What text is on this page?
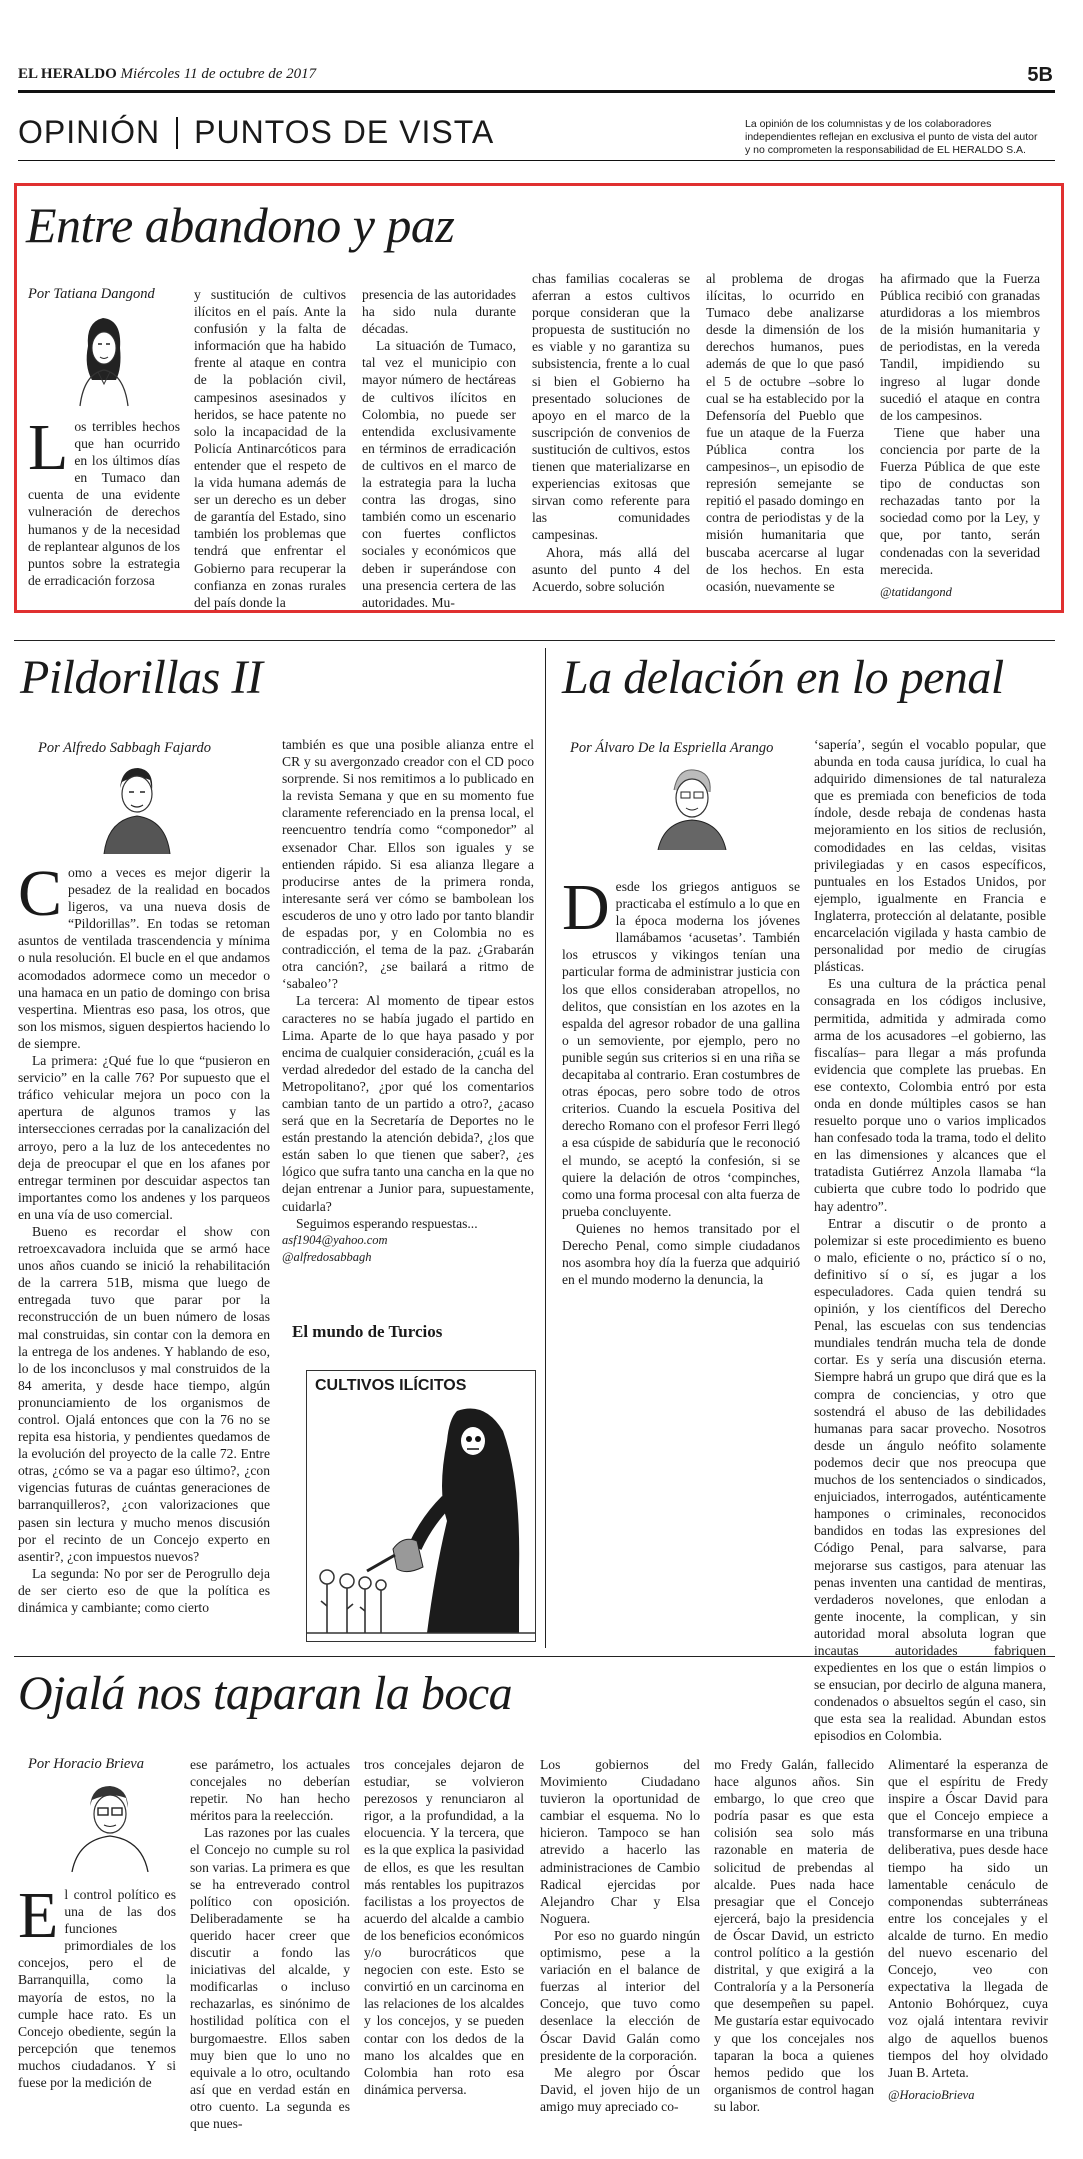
EL HERALDO Miércoles 11 de octubre de 2017	5B
OPINIÓN PUNTOS DE VISTA	La opinión de los columnistas y de los colaboradores independientes reflejan en exclusiva el punto de vista del autor y no comprometen la responsabilidad de EL HERALDO S.A.
Entre abandono y paz
Por Tatiana Dangond

Los terribles hechos que han ocurrido en los últimos días en Tumaco dan cuenta de una evidente vulneración de derechos humanos y de la necesidad de replantear algunos de los puntos sobre la estrategia de erradicación forzosa

y sustitución de cultivos ilícitos en el país. Ante la confusión y la falta de información que ha habido frente al ataque en contra de la población civil, campesinos asesinados y heridos, se hace patente no solo la incapacidad de la Policía Antinarcóticos para entender que el respeto de la vida humana además de ser un derecho es un deber de garantía del Estado, sino también los problemas que tendrá que enfrentar el Gobierno para recuperar la confianza en zonas rurales del país donde la

presencia de las autoridades ha sido nula durante décadas.

La situación de Tumaco, tal vez el municipio con mayor número de hectáreas de cultivos ilícitos en Colombia, no puede ser entendida exclusivamente en términos de erradicación de cultivos en el marco de la estrategia para la lucha contra las drogas, sino también como un escenario con fuertes conflictos sociales y económicos que deben ir superándose con una presencia certera de las autoridades. Mu-

chas familias cocaleras se aferran a estos cultivos porque consideran que la propuesta de sustitución no es viable y no garantiza su subsistencia, frente a lo cual si bien el Gobierno ha presentado soluciones de apoyo en el marco de la suscripción de convenios de sustitución de cultivos, estos tienen que materializarse en experiencias exitosas que sirvan como referente para las comunidades campesinas.

Ahora, más allá del asunto del punto 4 del Acuerdo, sobre solución

al problema de drogas ilícitas, lo ocurrido en Tumaco debe analizarse desde la dimensión de los derechos humanos, pues además de que lo que pasó el 5 de octubre –sobre lo cual se ha establecido por la Defensoría del Pueblo que fue un ataque de la Fuerza Pública contra los campesinos–, un episodio de represión semejante se repitió el pasado domingo en contra de periodistas y de la misión humanitaria que buscaba acercarse al lugar de los hechos. En esta ocasión, nuevamente se

ha afirmado que la Fuerza Pública recibió con granadas aturdidoras a los miembros de la misión humanitaria y de periodistas, en la vereda Tandil, impidiendo su ingreso al lugar donde sucedió el ataque en contra de los campesinos.

Tiene que haber una conciencia por parte de la Fuerza Pública de que este tipo de conductas son rechazadas tanto por la sociedad como por la Ley, y que, por tanto, serán condenadas con la severidad merecida.

@tatidangond
Pildorillas II
Por Alfredo Sabbagh Fajardo

Como a veces es mejor digerir la pesadez de la realidad en bocados ligeros, va una nueva dosis de “Pildorillas”. En todas se retoman asuntos de ventilada trascendencia y mínima o nula resolución. El bucle en el que andamos acomodados adormece como un mecedor o una hamaca en un patio de domingo con brisa vespertina. Mientras eso pasa, los otros, que son los mismos, siguen despiertos haciendo lo de siempre.

La primera: ¿Qué fue lo que “pusieron en servicio” en la calle 76? Por supuesto que el tráfico vehicular mejora un poco con la apertura de algunos tramos y las intersecciones cerradas por la canalización del arroyo, pero a la luz de los antecedentes no deja de preocupar el que en los afanes por entregar terminen por descuidar aspectos tan importantes como los andenes y los parqueos en una vía de uso comercial.

Bueno es recordar el show con retroexcavadora incluida que se armó hace unos años cuando se inició la rehabilitación de la carrera 51B, misma que luego de entregada tuvo que parar por la reconstrucción de un buen número de losas mal construidas, sin contar con la demora en la entrega de los andenes. Y hablando de eso, lo de los inconclusos y mal construidos de la 84 amerita, y desde hace tiempo, algún pronunciamiento de los organismos de control. Ojalá entonces que con la 76 no se repita esa historia, y pendientes quedamos de la evolución del proyecto de la calle 72. Entre otras, ¿cómo se va a pagar eso último?, ¿con vigencias futuras de cuántas generaciones de barranquilleros?, ¿con valorizaciones que pasen sin lectura y mucho menos discusión por el recinto de un Concejo experto en asentir?, ¿con impuestos nuevos?

La segunda: No por ser de Perogrullo deja de ser cierto eso de que la política es dinámica y cambiante; como cierto

también es que una posible alianza entre el CR y su avergonzado creador con el CD poco sorprende. Si nos remitimos a lo publicado en la revista Semana y que en su momento fue claramente referenciado en la prensa local, el reencuentro tendría como “componedor” al exsenador Char. Ellos son iguales y se entienden rápido. Si esa alianza llegare a producirse antes de la primera ronda, interesante será ver cómo se bambolean los escuderos de uno y otro lado por tanto blandir de espadas por, y en Colombia no es contradicción, el tema de la paz. ¿Grabarán otra canción?, ¿se bailará a ritmo de ‘sabaleo’?

La tercera: Al momento de tipear estos caracteres no se había jugado el partido en Lima. Aparte de lo que haya pasado y por encima de cualquier consideración, ¿cuál es la verdad alrededor del estado de la cancha del Metropolitano?, ¿por qué los comentarios cambian tanto de un partido a otro?, ¿acaso será que en la Secretaría de Deportes no le están prestando la atención debida?, ¿los que están saben lo que tienen que saber?, ¿es lógico que sufra tanto una cancha en la que no dejan entrenar a Junior para, supuestamente, cuidarla?

Seguimos esperando respuestas...

asf1904@yahoo.com
@alfredosabbagh
El mundo de Turcios
CULTIVOS ILÍCITOS
La delación en lo penal
Por Álvaro De la Espriella Arango

Desde los griegos antiguos se practicaba el estímulo a lo que en la época moderna los jóvenes llamábamos ‘acusetas’. También los etruscos y vikingos tenían una particular forma de administrar justicia con los que ellos consideraban atropellos, no delitos, que consistían en los azotes en la espalda del agresor robador de una gallina o un semoviente, por ejemplo, pero no punible según sus criterios si en una riña se decapitaba al contrario. Eran costumbres de otras épocas, pero sobre todo de otros criterios. Cuando la escuela Positiva del derecho Romano con el profesor Ferri llegó a esa cúspide de sabiduría que le reconoció el mundo, se aceptó la confesión, si se quiere la delación de otros ‘compinches, como una forma procesal con alta fuerza de prueba concluyente.

Quienes no hemos transitado por el Derecho Penal, como simple ciudadanos nos asombra hoy día la fuerza que adquirió en el mundo moderno la denuncia, la

‘sapería’, según el vocablo popular, que abunda en toda causa jurídica, lo cual ha adquirido dimensiones de tal naturaleza que es premiada con beneficios de toda índole, desde rebaja de condenas hasta mejoramiento en los sitios de reclusión, comodidades en las celdas, visitas privilegiadas y en casos específicos, puntuales en los Estados Unidos, por ejemplo, igualmente en Francia e Inglaterra, protección al delatante, posible encarcelación vigilada y hasta cambio de personalidad por medio de cirugías plásticas.

Es una cultura de la práctica penal consagrada en los códigos inclusive, permitida, admitida y admirada como arma de los acusadores –el gobierno, las fiscalías– para llegar a más profunda evidencia que complete las pruebas. En ese contexto, Colombia entró por esta onda en donde múltiples casos se han resuelto porque uno o varios implicados han confesado toda la trama, todo el delito en las dimensiones y alcances que el tratadista Gutiérrez Anzola llamaba “la cubierta que cubre todo lo podrido que hay adentro”.

Entrar a discutir o de pronto a polemizar si este procedimiento es bueno o malo, eficiente o no, práctico sí o no, definitivo sí o sí, es jugar a los especuladores. Cada quien tendrá su opinión, y los científicos del Derecho Penal, las escuelas con sus tendencias mundiales tendrán mucha tela de donde cortar. Es y sería una discusión eterna. Siempre habrá un grupo que dirá que es la compra de conciencias, y otro que sostendrá el abuso de las debilidades humanas para sacar provecho. Nosotros desde un ángulo neófito solamente podemos decir que nos preocupa que muchos de los sentenciados o sindicados, enjuiciados, interrogados, auténticamente hampones o criminales, reconocidos bandidos en todas las expresiones del Código Penal, para salvarse, para mejorarse sus castigos, para atenuar las penas inventen una cantidad de mentiras, verdaderos novelones, que enlodan a gente inocente, la complican, y sin autoridad moral absoluta logran que incautas autoridades fabriquen expedientes en los que o están limpios o se ensucian, por decirlo de alguna manera, condenados o absueltos según el caso, sin que esta sea la realidad. Abundan estos episodios en Colombia.

Ojalá nos taparan la boca
Por Horacio Brieva

El control político es una de las dos funciones primordiales de los concejos, pero el de Barranquilla, como la mayoría de estos, no la cumple hace rato. Es un Concejo obediente, según la percepción que tenemos muchos ciudadanos. Y si fuese por la medición de

ese parámetro, los actuales concejales no deberían repetir. No han hecho méritos para la reelección.

Las razones por las cuales el Concejo no cumple su rol son varias. La primera es que se ha entreverado control político con oposición. Deliberadamente se ha querido hacer creer que discutir a fondo las iniciativas del alcalde, y modificarlas o incluso rechazarlas, es sinónimo de hostilidad política con el burgomaestre. Ellos saben muy bien que lo uno no equivale a lo otro, ocultando así que en verdad están en otro cuento. La segunda es que nues-

tros concejales dejaron de estudiar, se volvieron perezosos y renunciaron al rigor, a la profundidad, a la elocuencia. Y la tercera, que es la que explica la pasividad de ellos, es que les resultan más rentables los pupitrazos facilistas a los proyectos de acuerdo del alcalde a cambio de los beneficios económicos y/o burocráticos que negocien con este. Esto se convirtió en un carcinoma en las relaciones de los alcaldes y los concejos, y se pueden contar con los dedos de la mano los alcaldes que en Colombia han roto esa dinámica perversa.

Los gobiernos del Movimiento Ciudadano tuvieron la oportunidad de cambiar el esquema. No lo hicieron. Tampoco se han atrevido a hacerlo las administraciones de Cambio Radical ejercidas por Alejandro Char y Elsa Noguera.

Por eso no guardo ningún optimismo, pese a la variación en el balance de fuerzas al interior del Concejo, que tuvo como desenlace la elección de Óscar David Galán como presidente de la corporación.

Me alegro por Óscar David, el joven hijo de un amigo muy apreciado co-

mo Fredy Galán, fallecido hace algunos años. Sin embargo, lo que creo que podría pasar es que esta colisión sea solo más razonable en materia de solicitud de prebendas al alcalde. Pues nada hace presagiar que el Concejo ejercerá, bajo la presidencia de Óscar David, un estricto control político a la gestión distrital, y que exigirá a la Contraloría y a la Personería que desempeñen su papel. Me gustaría estar equivocado y que los concejales nos taparan la boca a quienes hemos pedido que los organismos de control hagan su labor.

Alimentaré la esperanza de que el espíritu de Fredy inspire a Óscar David para que el Concejo empiece a transformarse en una tribuna deliberativa, pues desde hace tiempo ha sido un lamentable cenáculo de componendas subterráneas entre los concejales y el alcalde de turno. En medio del nuevo escenario del Concejo, veo con expectativa la llegada de Antonio Bohórquez, cuya voz ojalá intentara revivir algo de aquellos buenos tiempos del hoy olvidado Juan B. Arteta.

@HoracioBrieva
